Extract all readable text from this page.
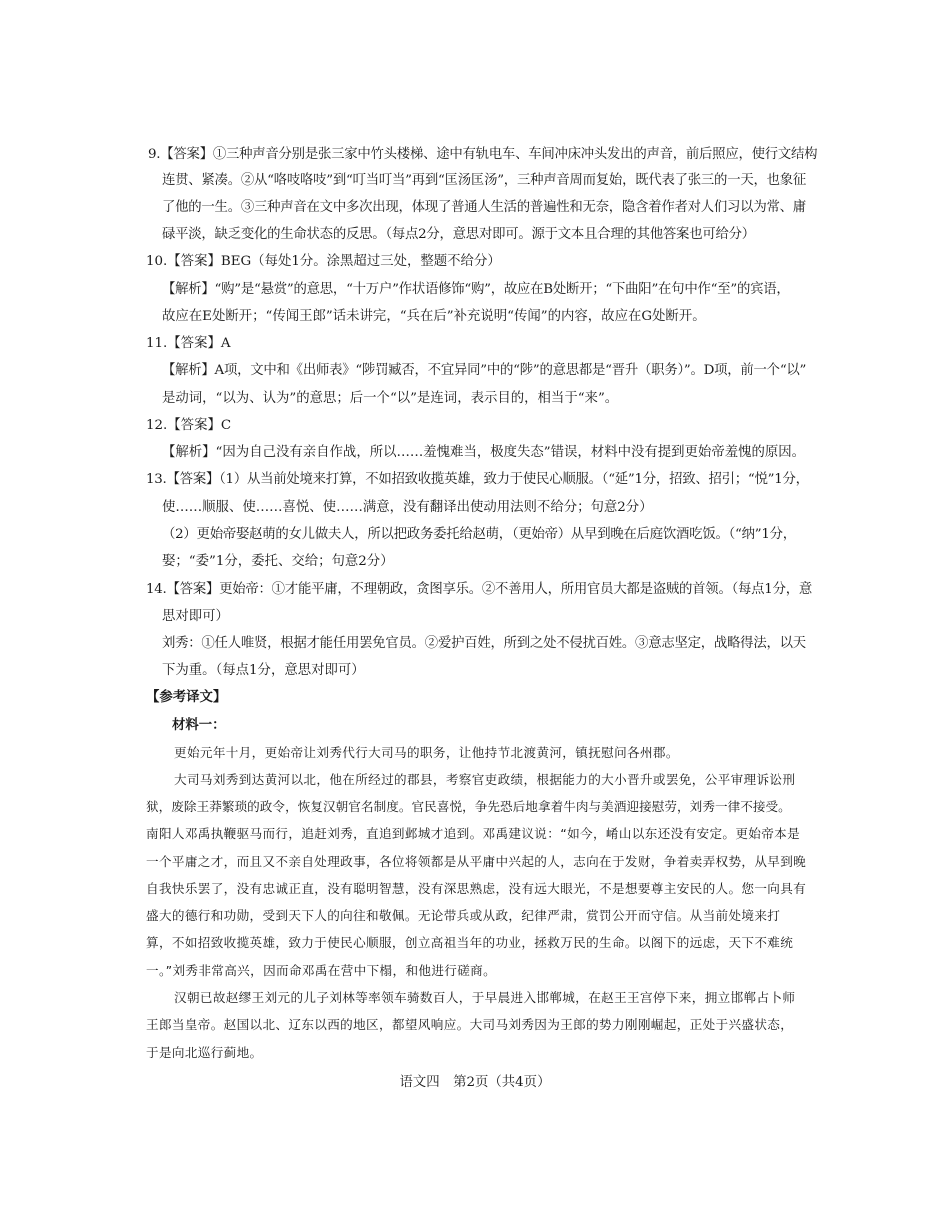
9.【答案】①三种声音分别是张三家中竹头楼梯、途中有轨电车、车间冲床冲头发出的声音，前后照应，使行文结构
连贯、紧凑。②从“咯吱咯吱”到“叮当叮当”再到“匡汤匡汤”，三种声音周而复始，既代表了张三的一天，也象征
了他的一生。③三种声音在文中多次出现，体现了普通人生活的普遍性和无奈，隐含着作者对人们习以为常、庸
碌平淡，缺乏变化的生命状态的反思。（每点2分，意思对即可。源于文本且合理的其他答案也可给分）
10.【答案】BEG（每处1分。涂黑超过三处，整题不给分）
【解析】“购”是“悬赏”的意思，“十万户”作状语修饰“购”，故应在B处断开；“下曲阳”在句中作“至”的宾语，
故应在E处断开；“传闻王郎”话未讲完，“兵在后”补充说明“传闻”的内容，故应在G处断开。
11.【答案】A
【解析】A项，文中和《出师表》“陟罚臧否，不宜异同”中的“陟”的意思都是“晋升（职务）”。D项，前一个“以”
是动词，“以为、认为”的意思；后一个“以”是连词，表示目的，相当于“来”。
12.【答案】C
【解析】“因为自己没有亲自作战，所以……羞愧难当，极度失态”错误，材料中没有提到更始帝羞愧的原因。
13.【答案】（1）从当前处境来打算，不如招致收揽英雄，致力于使民心顺服。（“延”1分，招致、招引；“悦”1分，
使……顺服、使……喜悦、使……满意，没有翻译出使动用法则不给分；句意2分）
（2）更始帝娶赵萌的女儿做夫人，所以把政务委托给赵萌，（更始帝）从早到晚在后庭饮酒吃饭。（“纳”1分，
娶；“委”1分，委托、交给；句意2分）
14.【答案】更始帝：①才能平庸，不理朝政，贪图享乐。②不善用人，所用官员大都是盗贼的首领。（每点1分，意
思对即可）
刘秀：①任人唯贤，根据才能任用罢免官员。②爱护百姓，所到之处不侵扰百姓。③意志坚定，战略得法，以天
下为重。（每点1分，意思对即可）
【参考译文】
材料一：
更始元年十月，更始帝让刘秀代行大司马的职务，让他持节北渡黄河，镇抚慰问各州郡。
大司马刘秀到达黄河以北，他在所经过的郡县，考察官吏政绩，根据能力的大小晋升或罢免，公平审理诉讼刑
狱，废除王莽繁琐的政令，恢复汉朝官名制度。官民喜悦，争先恐后地拿着牛肉与美酒迎接慰劳，刘秀一律不接受。
南阳人邓禹执鞭驱马而行，追赶刘秀，直追到邺城才追到。邓禹建议说：“如今，崤山以东还没有安定。更始帝本是
一个平庸之才，而且又不亲自处理政事，各位将领都是从平庸中兴起的人，志向在于发财，争着卖弄权势，从早到晚
自我快乐罢了，没有忠诚正直，没有聪明智慧，没有深思熟虑，没有远大眼光，不是想要尊主安民的人。您一向具有
盛大的德行和功勋，受到天下人的向往和敬佩。无论带兵或从政，纪律严肃，赏罚公开而守信。从当前处境来打
算，不如招致收揽英雄，致力于使民心顺服，创立高祖当年的功业，拯救万民的生命。以阁下的远虑，天下不难统
一。”刘秀非常高兴，因而命邓禹在营中下榻，和他进行磋商。
汉朝已故赵缪王刘元的儿子刘林等率领车骑数百人，于早晨进入邯郸城，在赵王王宫停下来，拥立邯郸占卜师
王郎当皇帝。赵国以北、辽东以西的地区，都望风响应。大司马刘秀因为王郎的势力刚刚崛起，正处于兴盛状态，
于是向北巡行蓟地。
语文四　第2页（共4页）
